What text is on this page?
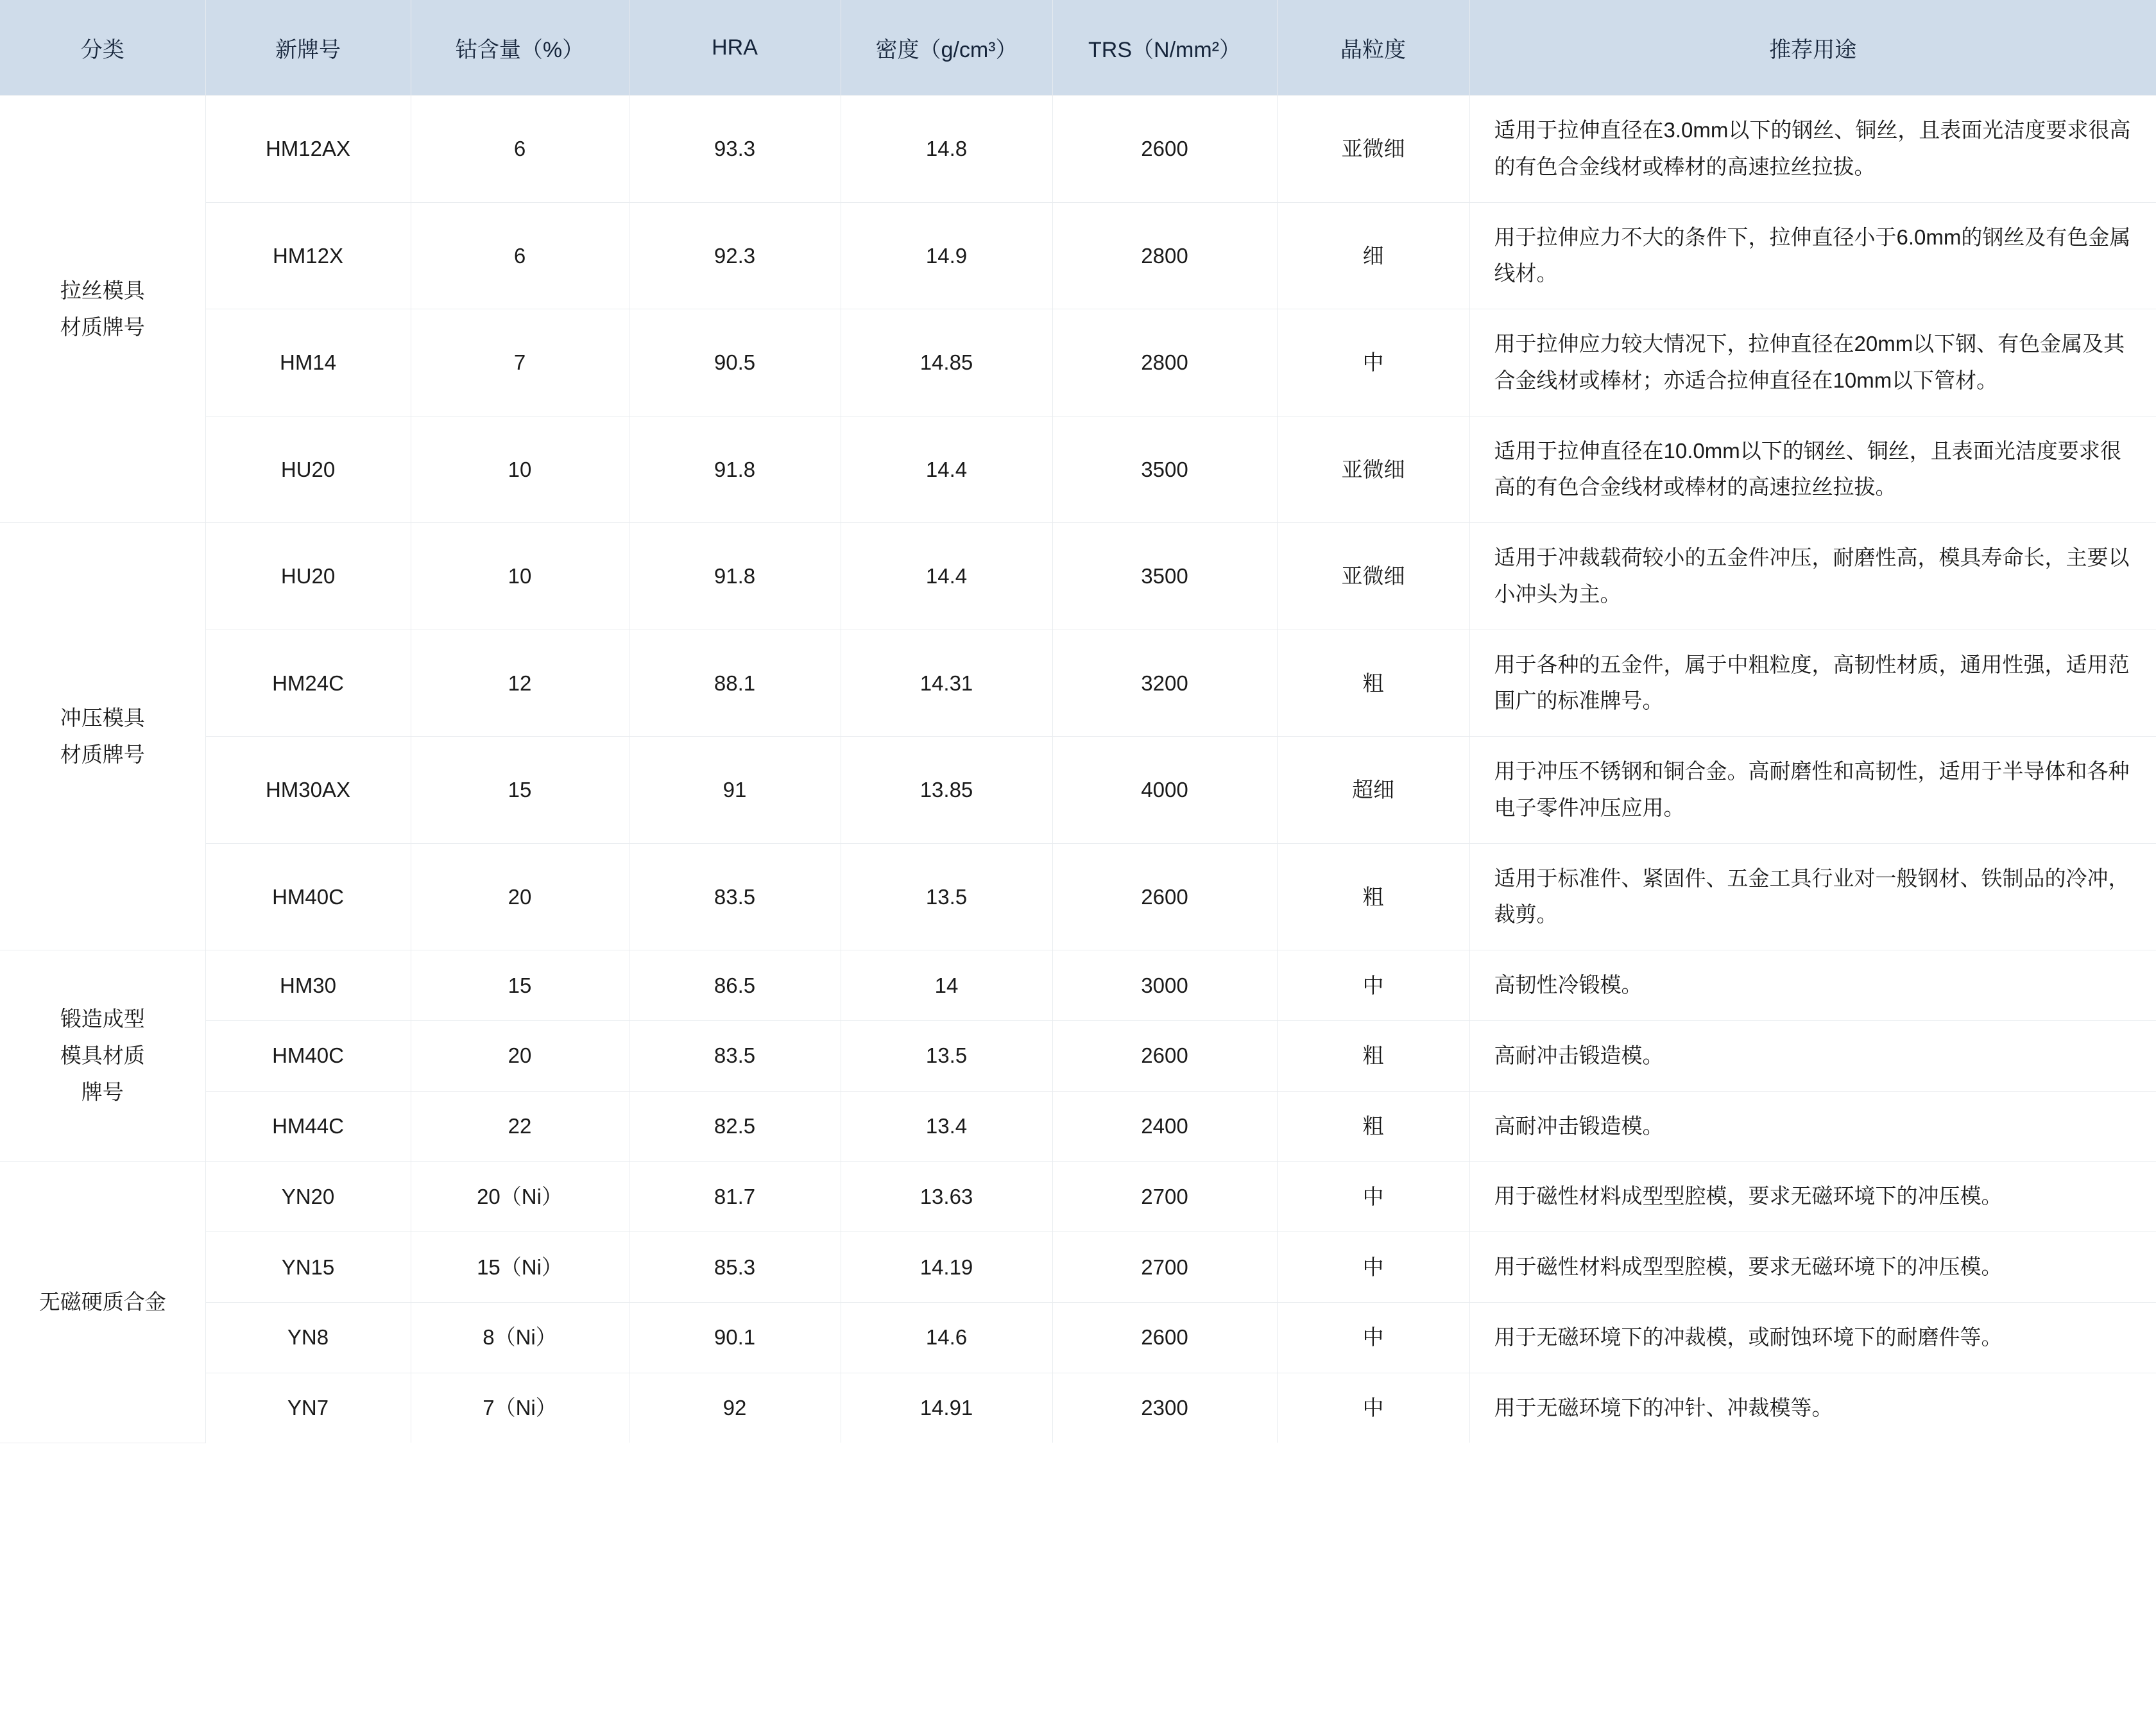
分类	新牌号	钴含量（%）	HRA	密度（g/cm³）	TRS（N/mm²）	晶粒度	推荐用途
拉丝模具
材质牌号	HM12AX	6	93.3	14.8	2600	亚微细	适用于拉伸直径在3.0mm以下的钢丝、铜丝，且表面光洁度要求很高的有色合金线材或棒材的高速拉丝拉拔。
	HM12X	6	92.3	14.9	2800	细	用于拉伸应力不大的条件下，拉伸直径小于6.0mm的钢丝及有色金属线材。
	HM14	7	90.5	14.85	2800	中	用于拉伸应力较大情况下，拉伸直径在20mm以下钢、有色金属及其合金线材或棒材；亦适合拉伸直径在10mm以下管材。
	HU20	10	91.8	14.4	3500	亚微细	适用于拉伸直径在10.0mm以下的钢丝、铜丝，且表面光洁度要求很高的有色合金线材或棒材的高速拉丝拉拔。
冲压模具
材质牌号	HU20	10	91.8	14.4	3500	亚微细	适用于冲裁载荷较小的五金件冲压，耐磨性高，模具寿命长，主要以小冲头为主。
	HM24C	12	88.1	14.31	3200	粗	用于各种的五金件，属于中粗粒度，高韧性材质，通用性强，适用范围广的标准牌号。
	HM30AX	15	91	13.85	4000	超细	用于冲压不锈钢和铜合金。高耐磨性和高韧性，适用于半导体和各种电子零件冲压应用。
	HM40C	20	83.5	13.5	2600	粗	适用于标准件、紧固件、五金工具行业对一般钢材、铁制品的冷冲，裁剪。
锻造成型
模具材质
牌号	HM30	15	86.5	14	3000	中	高韧性冷锻模。
	HM40C	20	83.5	13.5	2600	粗	高耐冲击锻造模。
	HM44C	22	82.5	13.4	2400	粗	高耐冲击锻造模。
无磁硬质合金	YN20	20（Ni）	81.7	13.63	2700	中	用于磁性材料成型型腔模，要求无磁环境下的冲压模。
	YN15	15（Ni）	85.3	14.19	2700	中	用于磁性材料成型型腔模，要求无磁环境下的冲压模。
	YN8	8（Ni）	90.1	14.6	2600	中	用于无磁环境下的冲裁模，或耐蚀环境下的耐磨件等。
	YN7	7（Ni）	92	14.91	2300	中	用于无磁环境下的冲针、冲裁模等。
